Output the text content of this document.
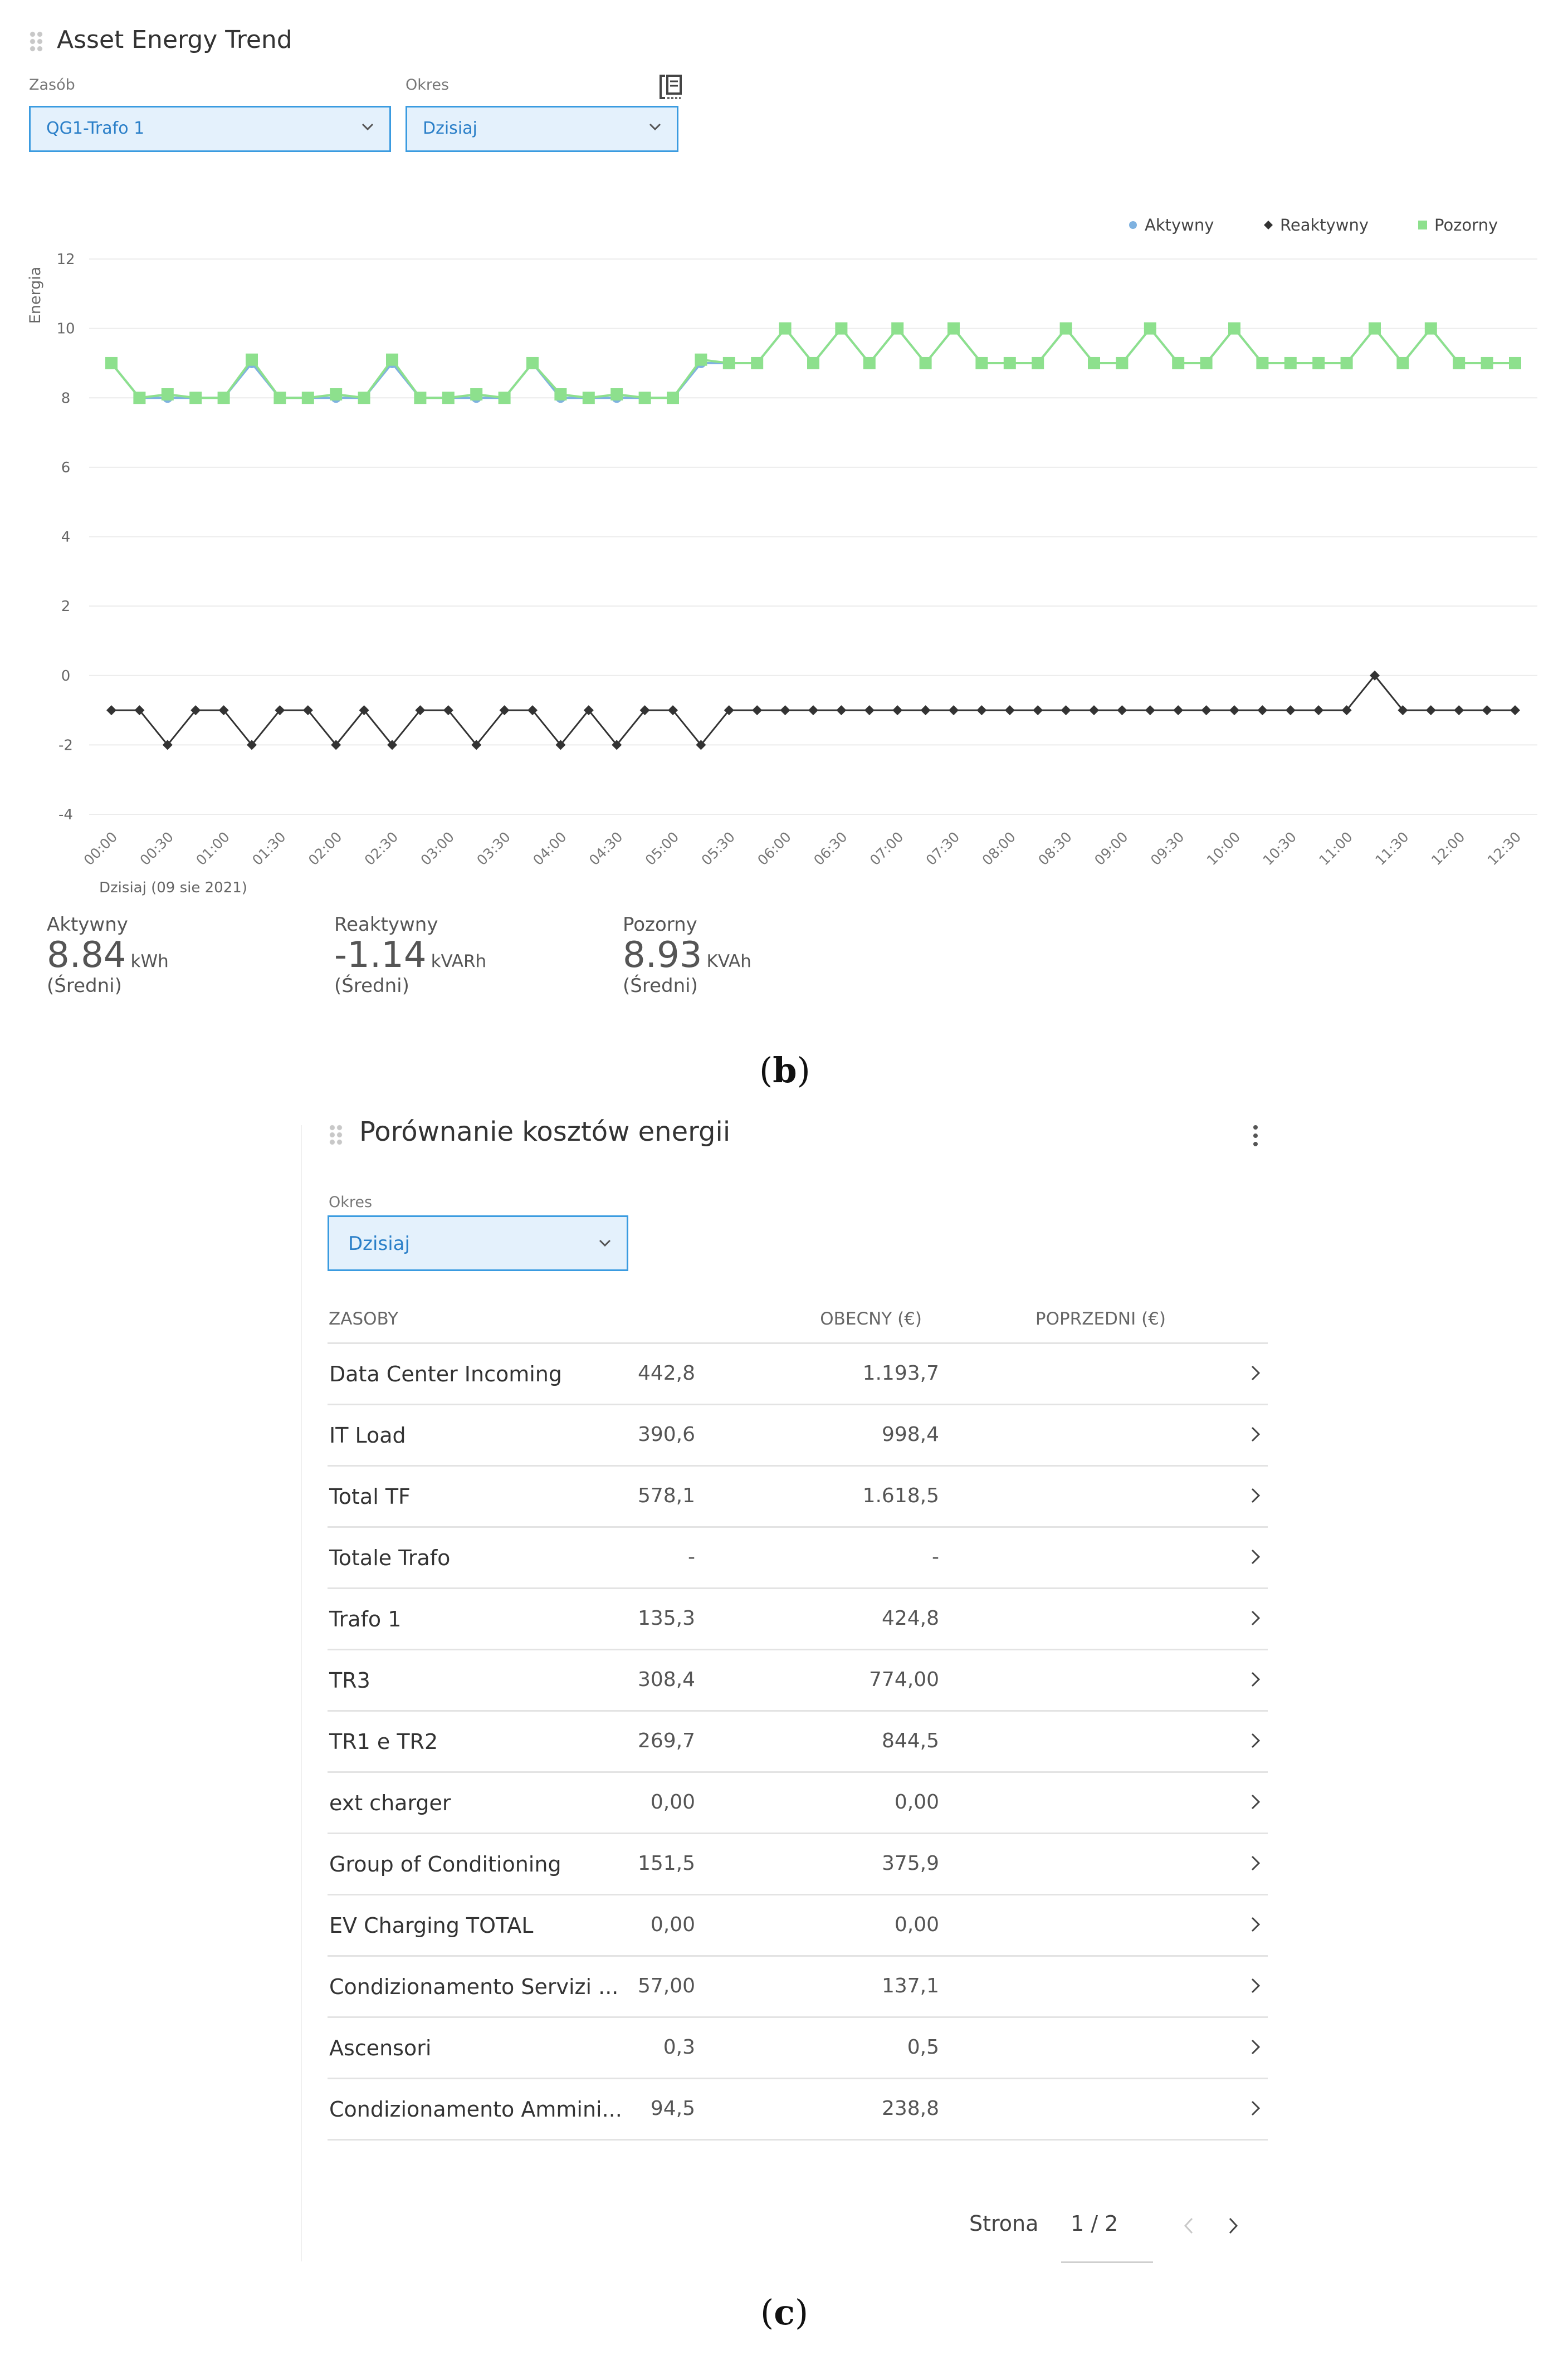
Asset Energy Trend
Zasób
QG1-Trafo 1
Okres
Dzisiaj
Aktywny	Reaktywny	Pozorny
12
10
8
6
4
2
0
-2
-4
00:00 00:30 01:00 01:30 02:00 02:30 03:00 03:30 04:00 04:30 05:00 05:30 06:00 06:30 07:00 07:30 08:00 08:30 09:00 09:30 10:00 10:30 11:00 11:30 12:00 12:30
Energia
Dzisiaj (09 sie 2021)
Aktywny
8.84 kWh
(Średni)
Reaktywny
-1.14 kVARh
(Średni)
Pozorny
8.93 KVAh
(Średni)
(b)
Porównanie kosztów energii
Okres
Dzisiaj
ZASOBY	OBECNY (€)	POPRZEDNI (€)
Data Center Incoming	442,8	1.193,7
IT Load	390,6	998,4
Total TF	578,1	1.618,5
Totale Trafo	-	-
Trafo 1	135,3	424,8
TR3	308,4	774,00
TR1 e TR2	269,7	844,5
ext charger	0,00	0,00
Group of Conditioning	151,5	375,9
EV Charging TOTAL	0,00	0,00
Condizionamento Servizi ... 57,00	137,1
Ascensori	0,3	0,5
Condizionamento Ammini... 94,5	238,8
Strona 1 / 2
(c)
